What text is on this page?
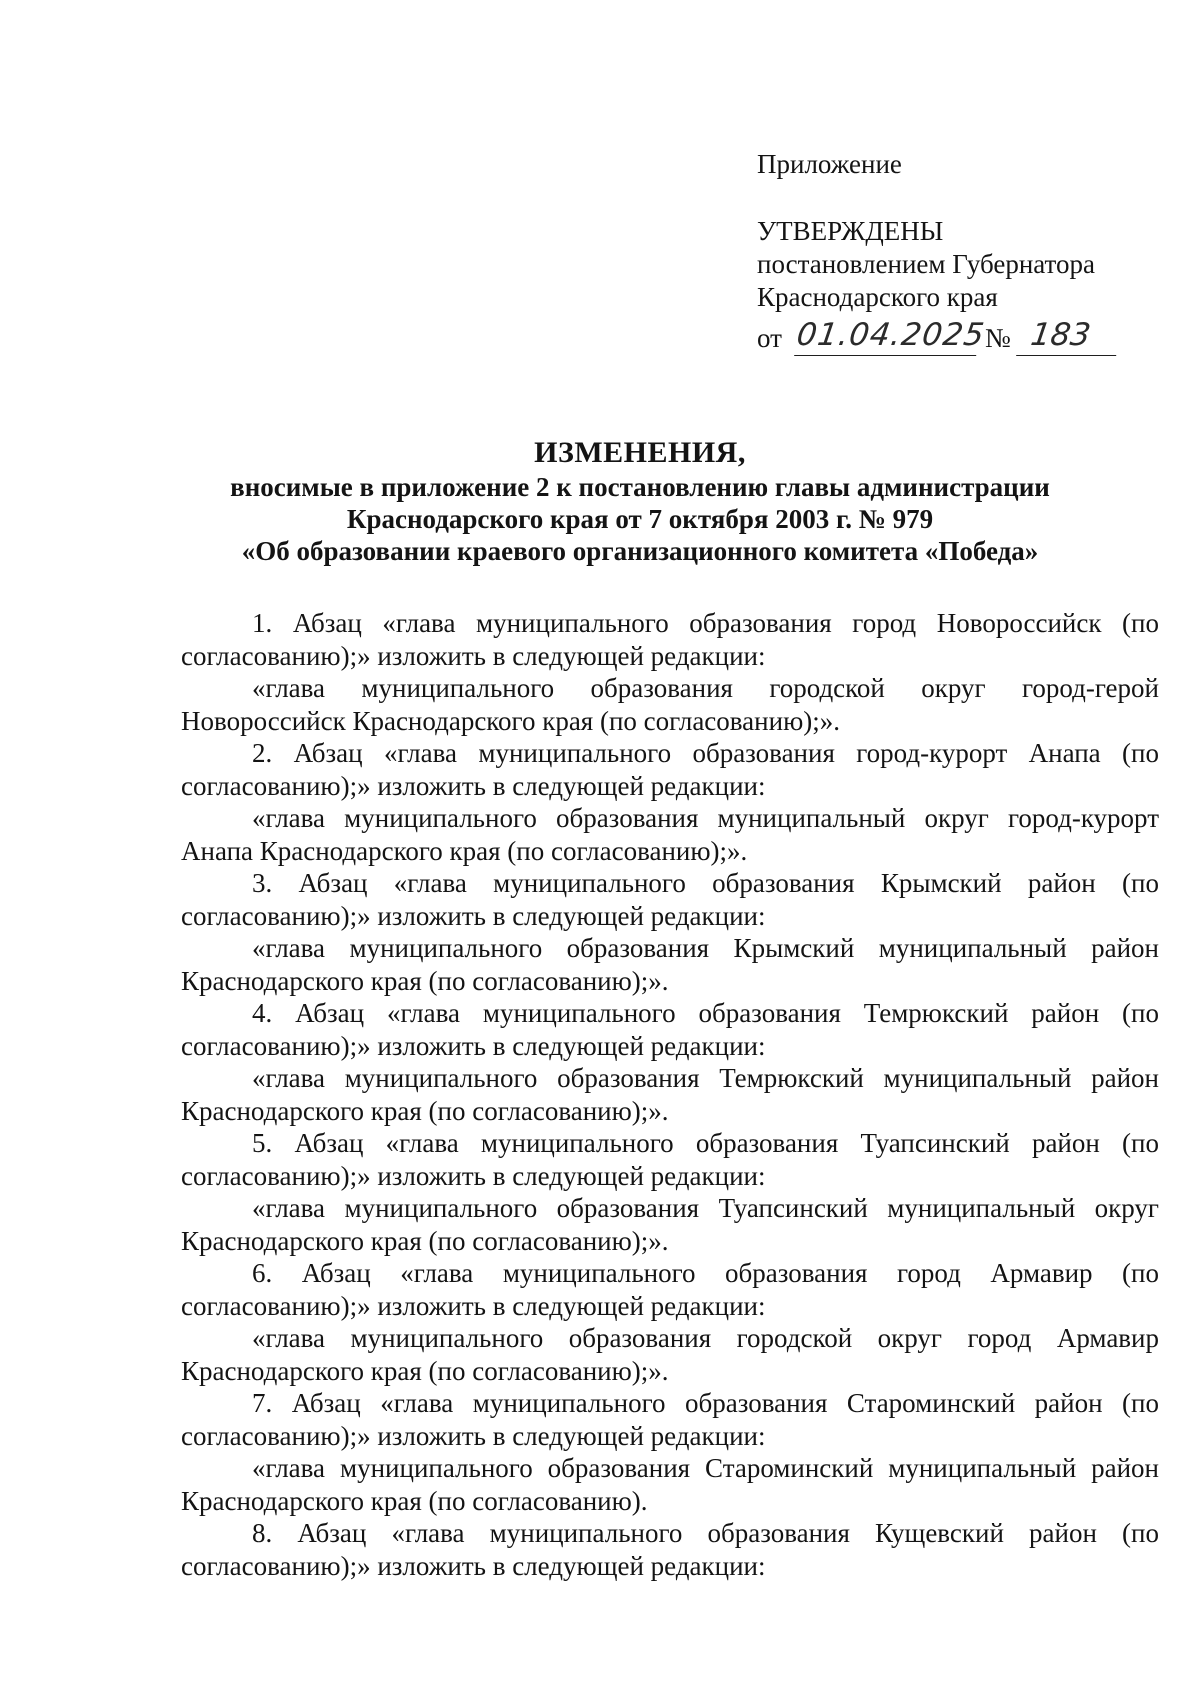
Приложение
УТВЕРЖДЕНЫ
постановлением Губернатора
Краснодарского края
от 01.04.2025
№ 183
ИЗМЕНЕНИЯ,
вносимые в приложение 2 к постановлению главы администрации
Краснодарского края от 7 октября 2003 г. № 979
«Об образовании краевого организационного комитета «Победа»

1. Абзац «глава муниципального образования город Новороссийск (по согласованию);» изложить в следующей редакции:

«глава муниципального образования городской округ город-герой Новороссийск Краснодарского края (по согласованию);».

2. Абзац «глава муниципального образования город-курорт Анапа (по согласованию);» изложить в следующей редакции:

«глава муниципального образования муниципальный округ город-курорт Анапа Краснодарского края (по согласованию);».

3. Абзац «глава муниципального образования Крымский район (по согласованию);» изложить в следующей редакции:

«глава муниципального образования Крымский муниципальный район Краснодарского края (по согласованию);».

4. Абзац «глава муниципального образования Темрюкский район (по согласованию);» изложить в следующей редакции:

«глава муниципального образования Темрюкский муниципальный район Краснодарского края (по согласованию);».

5. Абзац «глава муниципального образования Туапсинский район (по согласованию);» изложить в следующей редакции:

«глава муниципального образования Туапсинский муниципальный округ Краснодарского края (по согласованию);».

6. Абзац «глава муниципального образования город Армавир (по согласованию);» изложить в следующей редакции:

«глава муниципального образования городской округ город Армавир Краснодарского края (по согласованию);».

7. Абзац «глава муниципального образования Староминский район (по согласованию);» изложить в следующей редакции:

«глава муниципального образования Староминский муниципальный район Краснодарского края (по согласованию).

8. Абзац «глава муниципального образования Кущевский район (по согласованию);» изложить в следующей редакции:
